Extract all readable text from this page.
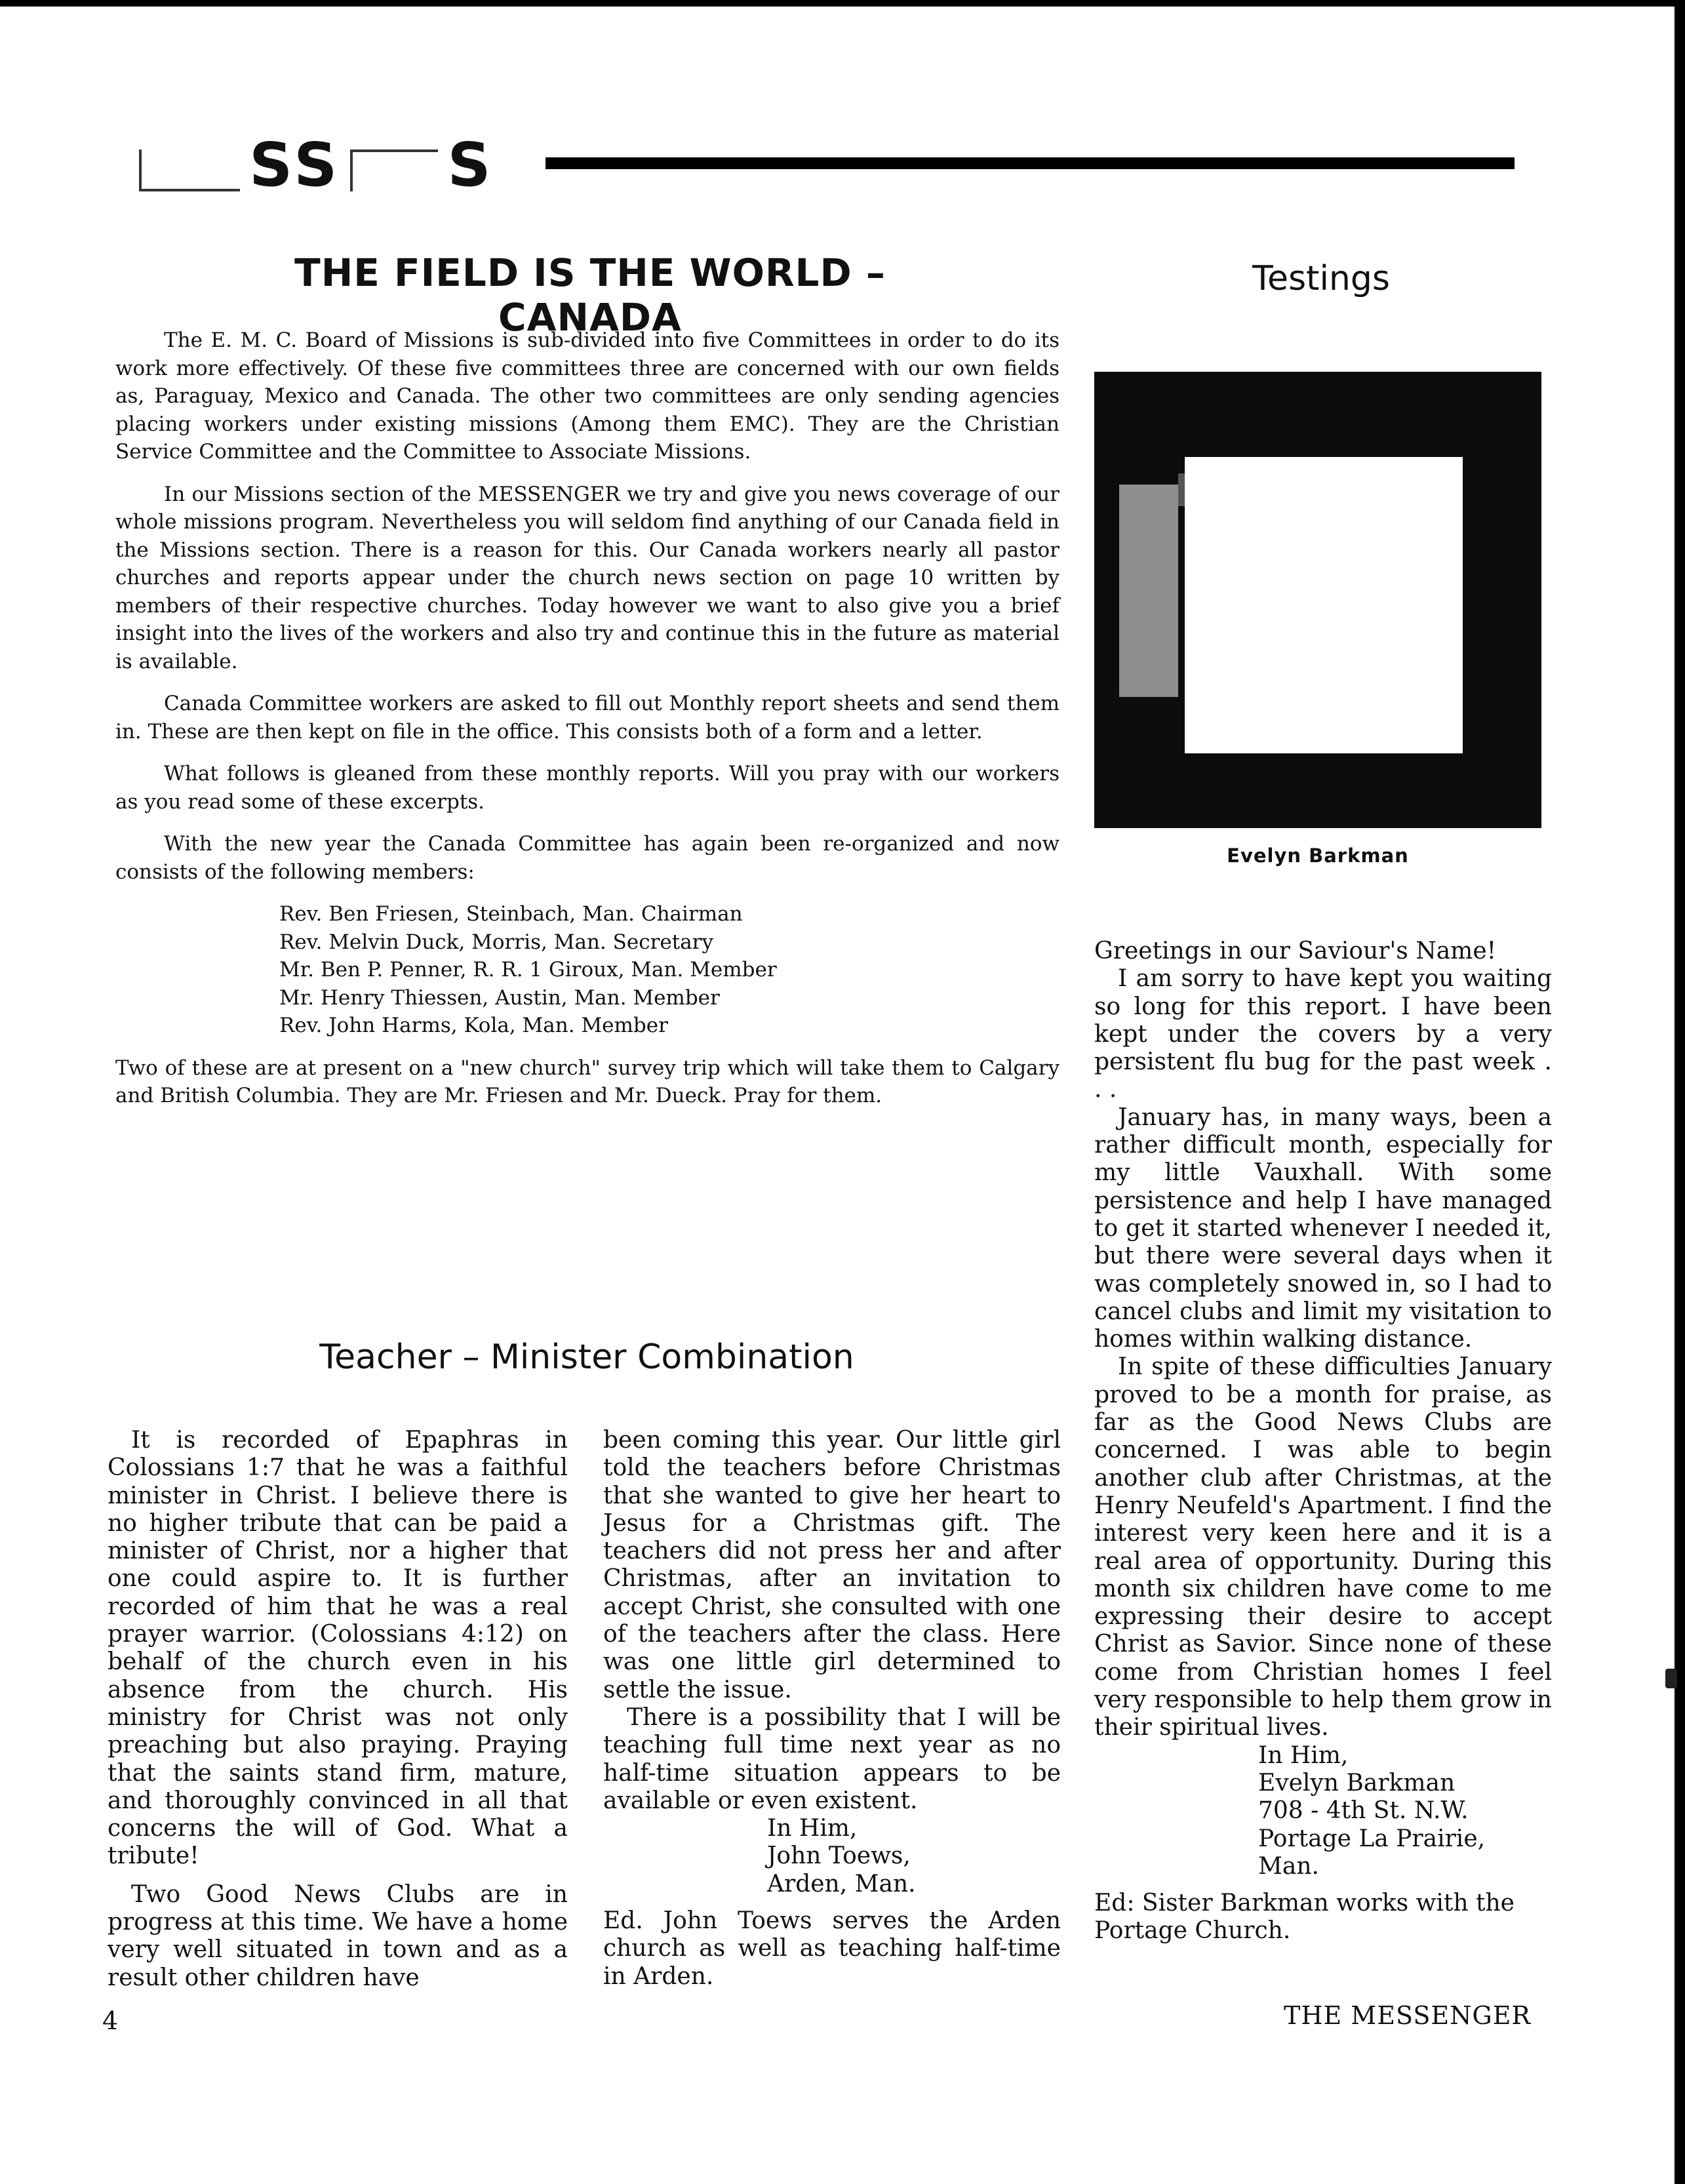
SS S
THE FIELD IS THE WORLD – CANADA
Testings

The E. M. C. Board of Missions is sub-divided into five Committees in order to do its work more effectively. Of these five committees three are concerned with our own fields as, Paraguay, Mexico and Canada. The other two committees are only sending agencies placing workers under existing missions (Among them EMC). They are the Christian Service Committee and the Committee to Associate Missions.

In our Missions section of the MESSENGER we try and give you news coverage of our whole missions program. Nevertheless you will seldom find anything of our Canada field in the Missions section. There is a reason for this. Our Canada workers nearly all pastor churches and reports appear under the church news section on page 10 written by members of their respective churches. Today however we want to also give you a brief insight into the lives of the workers and also try and continue this in the future as material is available.

Canada Committee workers are asked to fill out Monthly report sheets and send them in. These are then kept on file in the office. This consists both of a form and a letter.

What follows is gleaned from these monthly reports. Will you pray with our workers as you read some of these excerpts.

With the new year the Canada Committee has again been re-organized and now consists of the following members:

Rev. Ben Friesen, Steinbach, Man. Chairman
Rev. Melvin Duck, Morris, Man. Secretary
Mr. Ben P. Penner, R. R. 1 Giroux, Man. Member
Mr. Henry Thiessen, Austin, Man. Member
Rev. John Harms, Kola, Man. Member

Two of these are at present on a "new church" survey trip which will take them to Calgary and British Columbia. They are Mr. Friesen and Mr. Dueck. Pray for them.

Evelyn Barkman

Greetings in our Saviour's Name!

I am sorry to have kept you waiting so long for this report. I have been kept under the covers by a very persistent flu bug for the past week . . .

January has, in many ways, been a rather difficult month, especially for my little Vauxhall. With some persistence and help I have managed to get it started whenever I needed it, but there were several days when it was completely snowed in, so I had to cancel clubs and limit my visitation to homes within walking distance.

In spite of these difficulties January proved to be a month for praise, as far as the Good News Clubs are concerned. I was able to begin another club after Christmas, at the Henry Neufeld's Apartment. I find the interest very keen here and it is a real area of opportunity. During this month six children have come to me expressing their desire to accept Christ as Savior. Since none of these come from Christian homes I feel very responsible to help them grow in their spiritual lives.

In Him,
Evelyn Barkman
708 - 4th St. N.W.
Portage La Prairie, Man.

Ed: Sister Barkman works with the Portage Church.

Teacher – Minister Combination

It is recorded of Epaphras in Colossians 1:7 that he was a faithful minister in Christ. I believe there is no higher tribute that can be paid a minister of Christ, nor a higher that one could aspire to. It is further recorded of him that he was a real prayer warrior. (Colossians 4:12) on behalf of the church even in his absence from the church. His ministry for Christ was not only preaching but also praying. Praying that the saints stand firm, mature, and thoroughly convinced in all that concerns the will of God. What a tribute!

Two Good News Clubs are in progress at this time. We have a home very well situated in town and as a result other children have

been coming this year. Our little girl told the teachers before Christmas that she wanted to give her heart to Jesus for a Christmas gift. The teachers did not press her and after Christmas, after an invitation to accept Christ, she consulted with one of the teachers after the class. Here was one little girl determined to settle the issue.

There is a possibility that I will be teaching full time next year as no half-time situation appears to be available or even existent.

In Him,
John Toews,
Arden, Man.

Ed. John Toews serves the Arden church as well as teaching half-time in Arden.

4	THE MESSENGER
